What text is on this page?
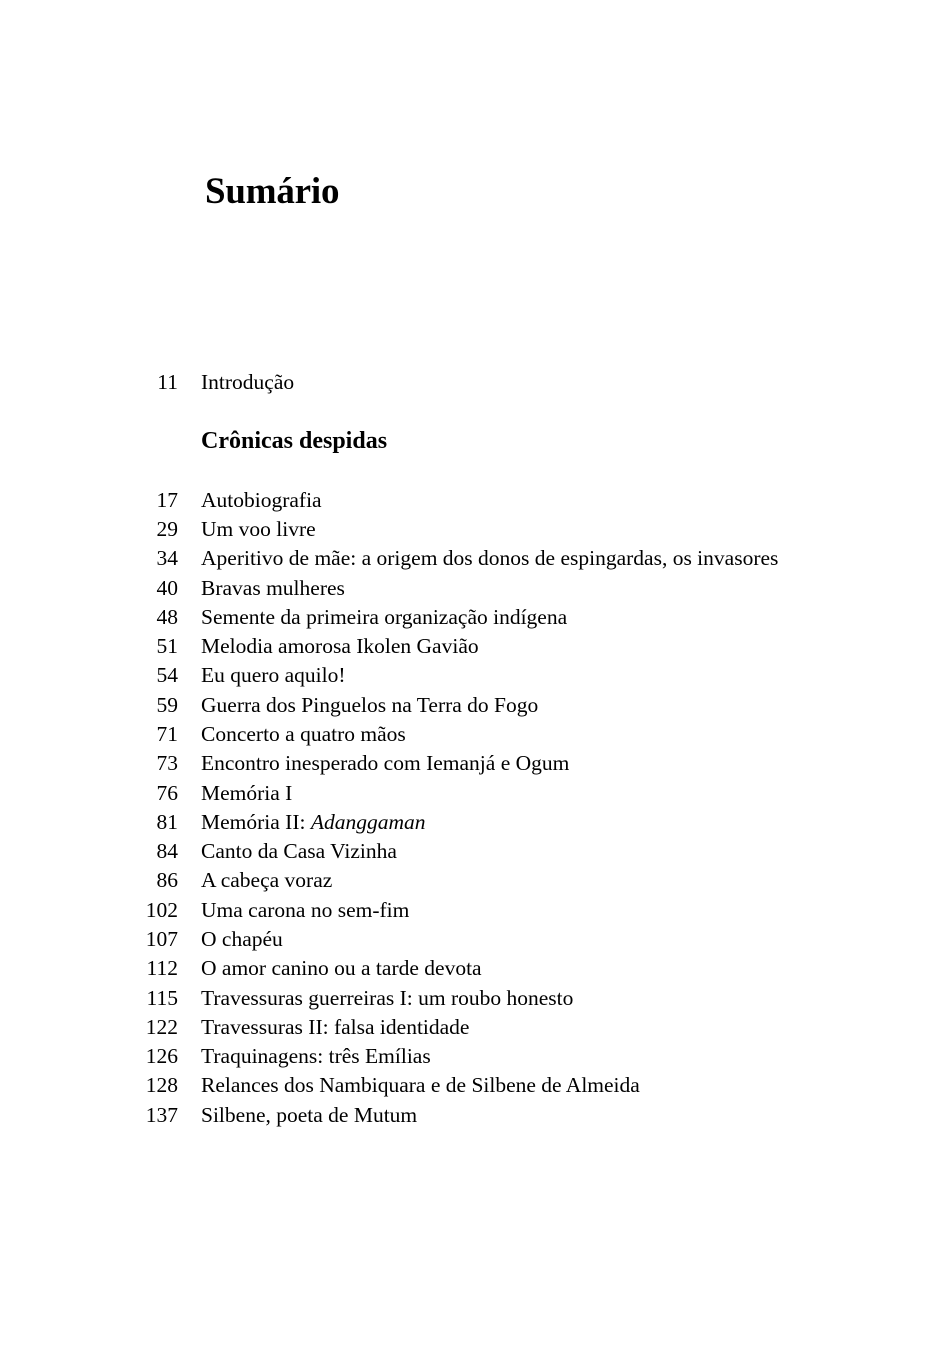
Sumário
11 Introdução
Crônicas despidas
17 Autobiografia
29 Um voo livre
34 Aperitivo de mãe: a origem dos donos de espingardas, os invasores
40 Bravas mulheres
48 Semente da primeira organização indígena
51 Melodia amorosa Ikolen Gavião
54 Eu quero aquilo!
59 Guerra dos Pinguelos na Terra do Fogo
71 Concerto a quatro mãos
73 Encontro inesperado com Iemanjá e Ogum
76 Memória I
81 Memória II: Adanggaman
84 Canto da Casa Vizinha
86 A cabeça voraz
102 Uma carona no sem-fim
107 O chapéu
112 O amor canino ou a tarde devota
115 Travessuras guerreiras I: um roubo honesto
122 Travessuras II: falsa identidade
126 Traquinagens: três Emílias
128 Relances dos Nambiquara e de Silbene de Almeida
137 Silbene, poeta de Mutum
